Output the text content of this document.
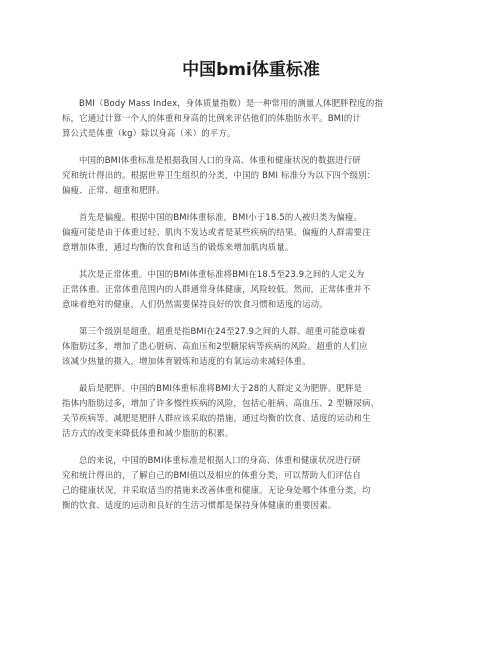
中国bmi体重标准

BMI（Body Mass Index，身体质量指数）是一种常用的测量人体肥胖程度的指
标，它通过计算一个人的体重和身高的比例来评估他们的体脂肪水平。BMI的计
算公式是体重（kg）除以身高（米）的平方。

中国的BMI体重标准是根据我国人口的身高、体重和健康状况的数据进行研
究和统计得出的。根据世界卫生组织的分类，中国的 BMI 标准分为以下四个级别：
偏瘦、正常、超重和肥胖。

首先是偏瘦。根据中国的BMI体重标准，BMI小于18.5的人被归类为偏瘦。
偏瘦可能是由于体重过轻、肌肉不发达或者是某些疾病的结果。偏瘦的人群需要注
意增加体重，通过均衡的饮食和适当的锻炼来增加肌肉质量。

其次是正常体重。中国的BMI体重标准将BMI在18.5至23.9之间的人定义为
正常体重。正常体重范围内的人群通常身体健康，风险较低。然而，正常体重并不
意味着绝对的健康，人们仍然需要保持良好的饮食习惯和适度的运动。

第三个级别是超重。超重是指BMI在24至27.9之间的人群。超重可能意味着
体脂肪过多，增加了患心脏病、高血压和2型糖尿病等疾病的风险。超重的人们应
该减少热量的摄入，增加体育锻炼和适度的有氧运动来减轻体重。

最后是肥胖。中国的BMI体重标准将BMI大于28的人群定义为肥胖。肥胖是
指体内脂肪过多，增加了许多慢性疾病的风险，包括心脏病、高血压、2 型糖尿病、
关节疾病等。减肥是肥胖人群应该采取的措施，通过均衡的饮食、适度的运动和生
活方式的改变来降低体重和减少脂肪的积累。

总的来说，中国的BMI体重标准是根据人口的身高、体重和健康状况进行研
究和统计得出的，了解自己的BMI值以及相应的体重分类，可以帮助人们评估自
己的健康状况，并采取适当的措施来改善体重和健康。无论身处哪个体重分类，均
衡的饮食、适度的运动和良好的生活习惯都是保持身体健康的重要因素。
